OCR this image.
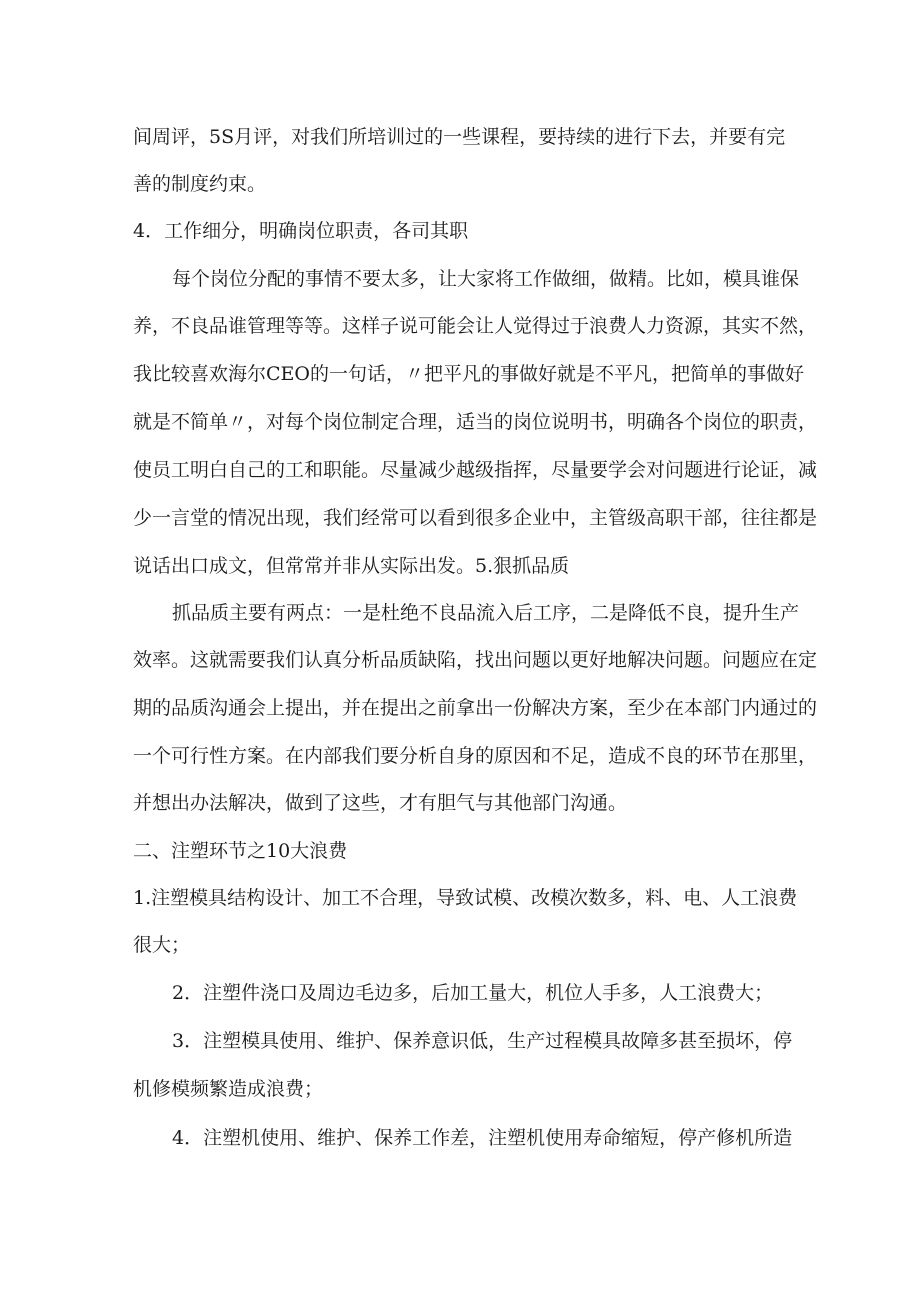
间周评，5S月评，对我们所培训过的一些课程，要持续的进行下去，并要有完
善的制度约束。
4．工作细分，明确岗位职责，各司其职
每个岗位分配的事情不要太多，让大家将工作做细，做精。比如，模具谁保
养，不良品谁管理等等。这样子说可能会让人觉得过于浪费人力资源，其实不然，
我比较喜欢海尔CEO的一句话，〃把平凡的事做好就是不平凡，把简单的事做好
就是不简单〃，对每个岗位制定合理，适当的岗位说明书，明确各个岗位的职责，
使员工明白自己的工和职能。尽量减少越级指挥，尽量要学会对问题进行论证，减
少一言堂的情况出现，我们经常可以看到很多企业中，主管级高职干部，往往都是
说话出口成文，但常常并非从实际出发。5.狠抓品质
抓品质主要有两点：一是杜绝不良品流入后工序，二是降低不良，提升生产
效率。这就需要我们认真分析品质缺陷，找出问题以更好地解决问题。问题应在定
期的品质沟通会上提出，并在提出之前拿出一份解决方案，至少在本部门内通过的
一个可行性方案。在内部我们要分析自身的原因和不足，造成不良的环节在那里，
并想出办法解决，做到了这些，才有胆气与其他部门沟通。
二、注塑环节之10大浪费
1.注塑模具结构设计、加工不合理，导致试模、改模次数多，料、电、人工浪费
很大；
2．注塑件浇口及周边毛边多，后加工量大，机位人手多，人工浪费大；
3．注塑模具使用、维护、保养意识低，生产过程模具故障多甚至损坏，停
机修模频繁造成浪费；
4．注塑机使用、维护、保养工作差，注塑机使用寿命缩短，停产修机所造
